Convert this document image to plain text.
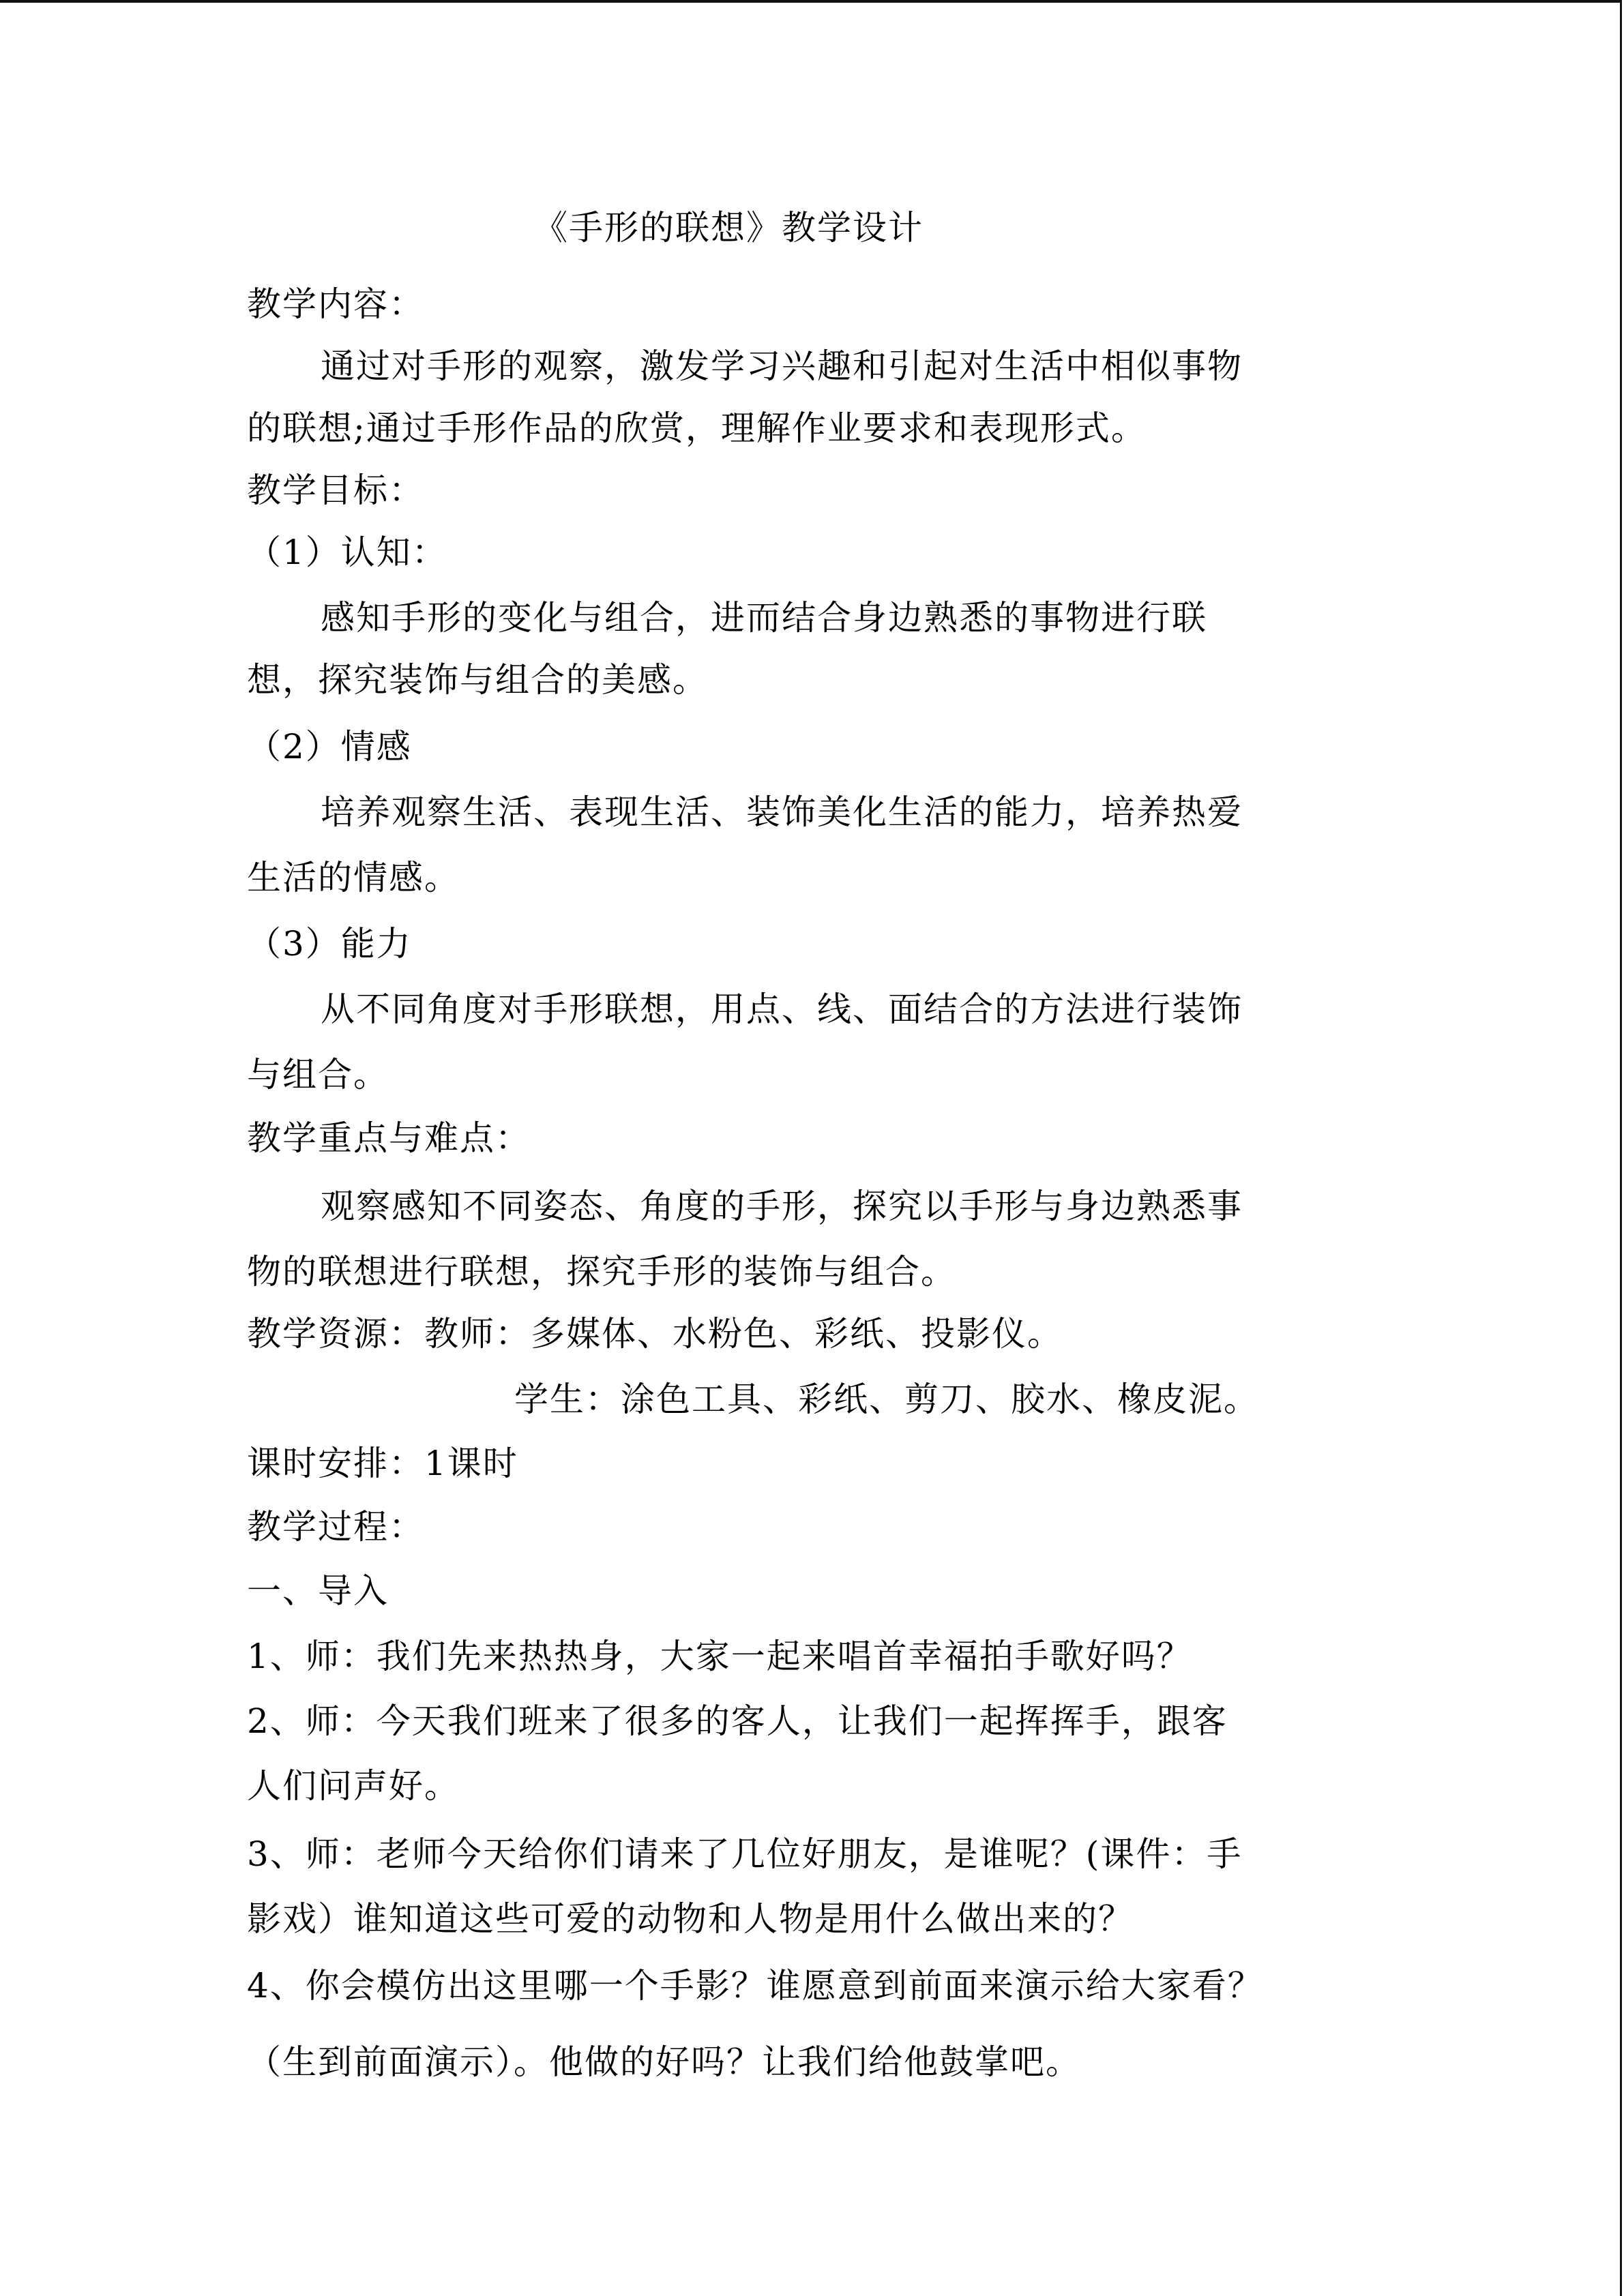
《手形的联想》教学设计
教学内容：
通过对手形的观察，激发学习兴趣和引起对生活中相似事物
的联想;通过手形作品的欣赏，理解作业要求和表现形式。
教学目标：
（1）认知：
感知手形的变化与组合，进而结合身边熟悉的事物进行联
想，探究装饰与组合的美感。
（2）情感
培养观察生活、表现生活、装饰美化生活的能力，培养热爱
生活的情感。
（3）能力
从不同角度对手形联想，用点、线、面结合的方法进行装饰
与组合。
教学重点与难点：
观察感知不同姿态、角度的手形，探究以手形与身边熟悉事
物的联想进行联想，探究手形的装饰与组合。
教学资源：教师：多媒体、水粉色、彩纸、投影仪。
学生：涂色工具、彩纸、剪刀、胶水、橡皮泥。
课时安排：1课时
教学过程：
一、导入
1、师：我们先来热热身，大家一起来唱首幸福拍手歌好吗？
2、师：今天我们班来了很多的客人，让我们一起挥挥手，跟客
人们问声好。
3、师：老师今天给你们请来了几位好朋友，是谁呢？(课件：手
影戏）谁知道这些可爱的动物和人物是用什么做出来的？
4、你会模仿出这里哪一个手影？谁愿意到前面来演示给大家看？
（生到前面演示）。他做的好吗？让我们给他鼓掌吧。
